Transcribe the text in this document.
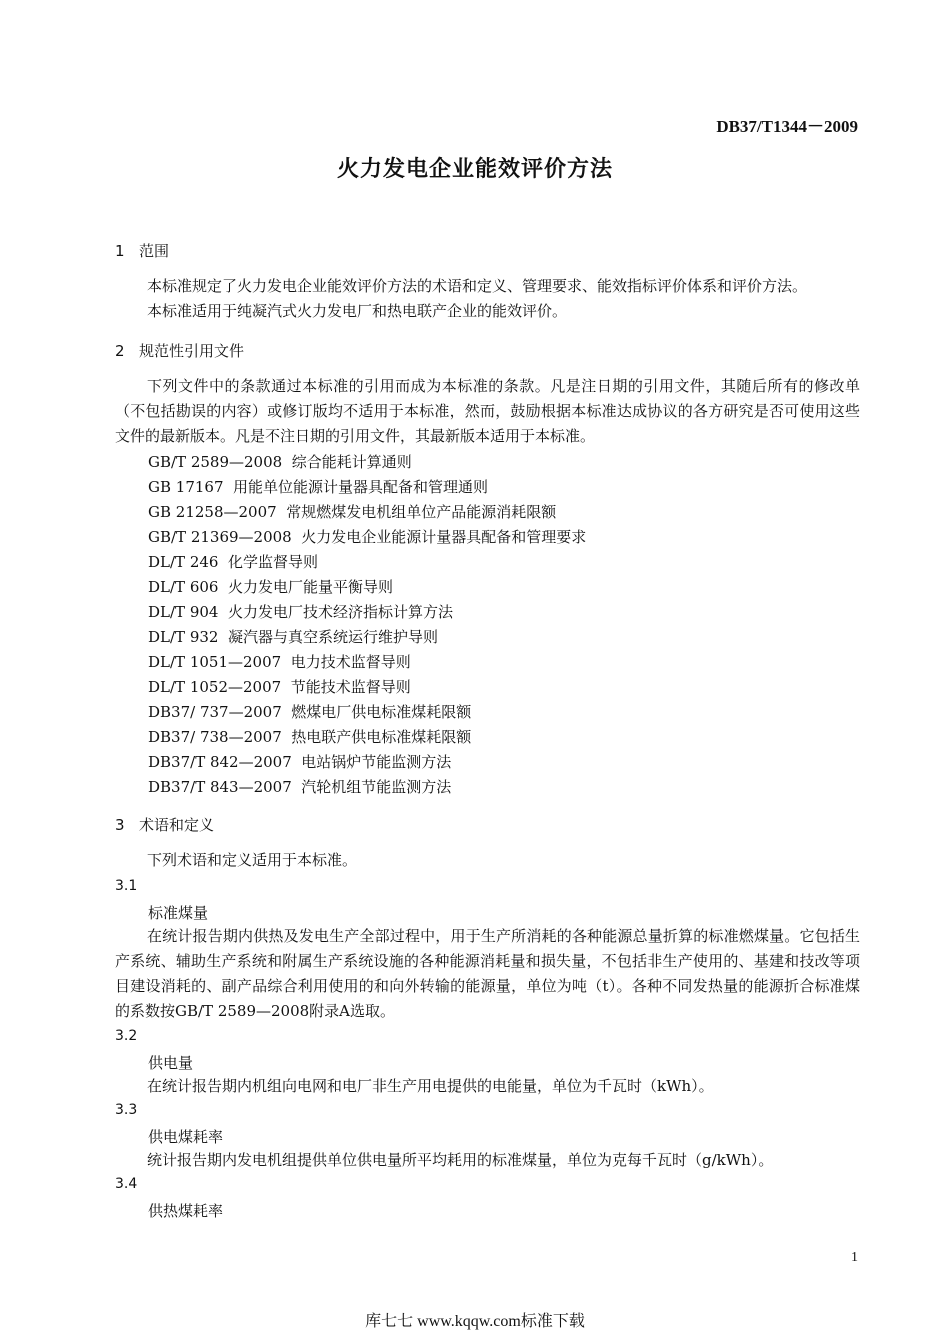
DB37/T1344－2009
火力发电企业能效评价方法
1 范围
本标准规定了火力发电企业能效评价方法的术语和定义、管理要求、能效指标评价体系和评价方法。
本标准适用于纯凝汽式火力发电厂和热电联产企业的能效评价。
2 规范性引用文件
下列文件中的条款通过本标准的引用而成为本标准的条款。凡是注日期的引用文件，其随后所有的修改单（不包括勘误的内容）或修订版均不适用于本标准，然而，鼓励根据本标准达成协议的各方研究是否可使用这些文件的最新版本。凡是不注日期的引用文件，其最新版本适用于本标准。
GB/T 2589—2008  综合能耗计算通则
GB 17167  用能单位能源计量器具配备和管理通则
GB 21258—2007  常规燃煤发电机组单位产品能源消耗限额
GB/T 21369—2008  火力发电企业能源计量器具配备和管理要求
DL/T 246  化学监督导则
DL/T 606  火力发电厂能量平衡导则
DL/T 904  火力发电厂技术经济指标计算方法
DL/T 932  凝汽器与真空系统运行维护导则
DL/T 1051—2007  电力技术监督导则
DL/T 1052—2007  节能技术监督导则
DB37/ 737—2007  燃煤电厂供电标准煤耗限额
DB37/ 738—2007  热电联产供电标准煤耗限额
DB37/T 842—2007  电站锅炉节能监测方法
DB37/T 843—2007  汽轮机组节能监测方法
3 术语和定义
下列术语和定义适用于本标准。
3.1
标准煤量
在统计报告期内供热及发电生产全部过程中，用于生产所消耗的各种能源总量折算的标准燃煤量。它包括生产系统、辅助生产系统和附属生产系统设施的各种能源消耗量和损失量，不包括非生产使用的、基建和技改等项目建设消耗的、副产品综合利用使用的和向外转输的能源量，单位为吨（t）。各种不同发热量的能源折合标准煤的系数按GB/T 2589—2008附录A选取。
3.2
供电量
在统计报告期内机组向电网和电厂非生产用电提供的电能量，单位为千瓦时（kWh）。
3.3
供电煤耗率
统计报告期内发电机组提供单位供电量所平均耗用的标准煤量，单位为克每千瓦时（g/kWh）。
3.4
供热煤耗率
1
库七七 www.kqqw.com标准下载
